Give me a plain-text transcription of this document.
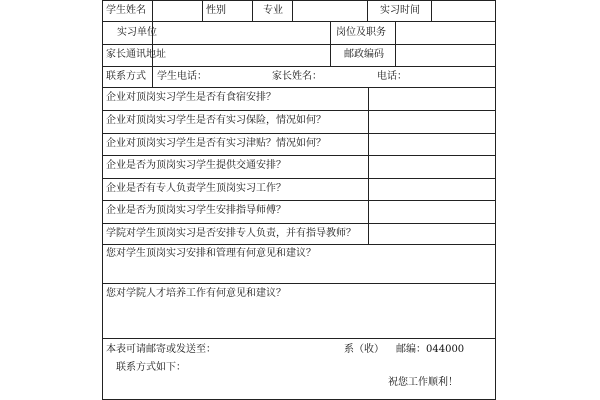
学生姓名	性别	专业	实习时间
实习单位	岗位及职务
家长通讯地址	邮政编码
联系方式 学生电话：	家长姓名：	电话：
企业对顶岗实习学生是否有食宿安排？
企业对顶岗实习学生是否有实习保险，情况如何？
企业对顶岗实习学生是否有实习津贴？情况如何？
企业是否为顶岗实习学生提供交通安排？
企业是否有专人负责学生顶岗实习工作？
企业是否为顶岗实习学生安排指导师傅？
学院对学生顶岗实习是否安排专人负责，并有指导教师？
您对学生顶岗实习安排和管理有何意见和建议？
您对学院人才培养工作有何意见和建议？
本表可请邮寄或发送至：	系（收） 邮编：044000
联系方式如下：
祝您工作顺利！
